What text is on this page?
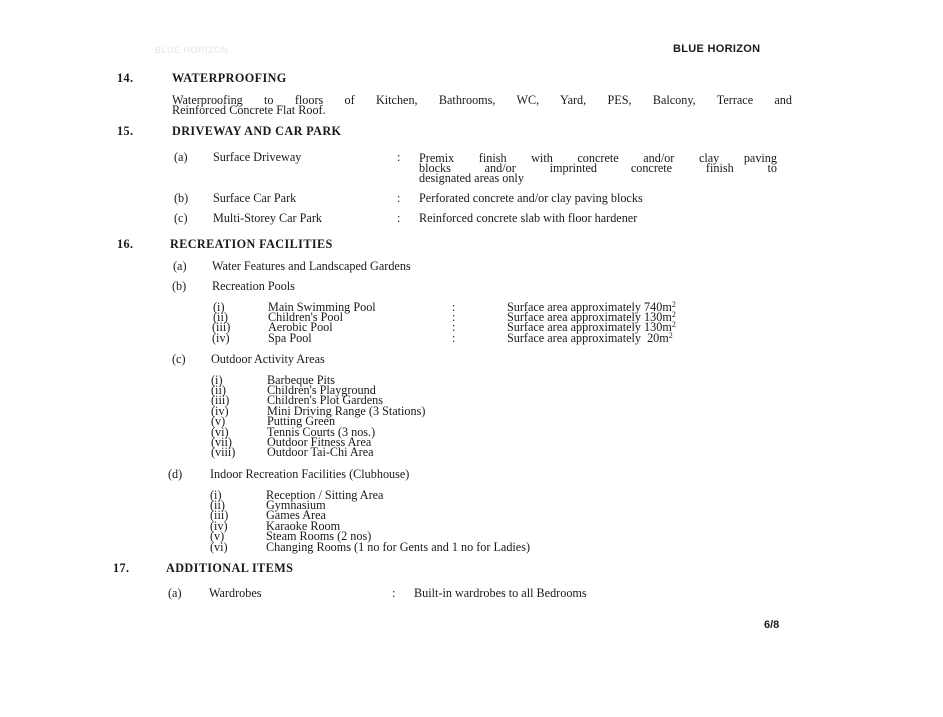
BLUE HORIZON	BLUE HORIZON
14.	WATERPROOFING
Waterproofing to floors of Kitchen, Bathrooms, WC, Yard, PES, Balcony, Terrace and
Reinforced Concrete Flat Roof.
15.	DRIVEWAY AND CAR PARK
(a) Surface Driveway	: Premix finish with concrete and/or clay paving
blocks and/or imprinted concrete finish to
designated areas only
(b) Surface Car Park	: Perforated concrete and/or clay paving blocks
(c) Multi-Storey Car Park	: Reinforced concrete slab with floor hardener
16.	RECREATION FACILITIES
(a) Water Features and Landscaped Gardens
(b) Recreation Pools
(i)	Main Swimming Pool	:	Surface area approximately $740m^2$
(ii)	Children's Pool	:	Surface area approximately $130m^2$
(iii)	Aerobic Pool	:	Surface area approximately $130m^2$
(iv)	Spa Pool	:	Surface area approximately  $20m^2$
(c) Outdoor Activity Areas
(i)	Barbeque Pits
(ii)	Children's Playground
(iii)	Children's Plot Gardens
(iv)	Mini Driving Range (3 Stations)
(v)	Putting Green
(vi)	Tennis Courts (3 nos.)
(vii)	Outdoor Fitness Area
(viii)	Outdoor Tai-Chi Area
(d) Indoor Recreation Facilities (Clubhouse)
(i)	Reception / Sitting Area
(ii)	Gymnasium
(iii)	Games Area
(iv)	Karaoke Room
(v)	Steam Rooms (2 nos)
(vi)	Changing Rooms (1 no for Gents and 1 no for Ladies)
17.	ADDITIONAL ITEMS
(a) Wardrobes	: Built-in wardrobes to all Bedrooms
6/8
